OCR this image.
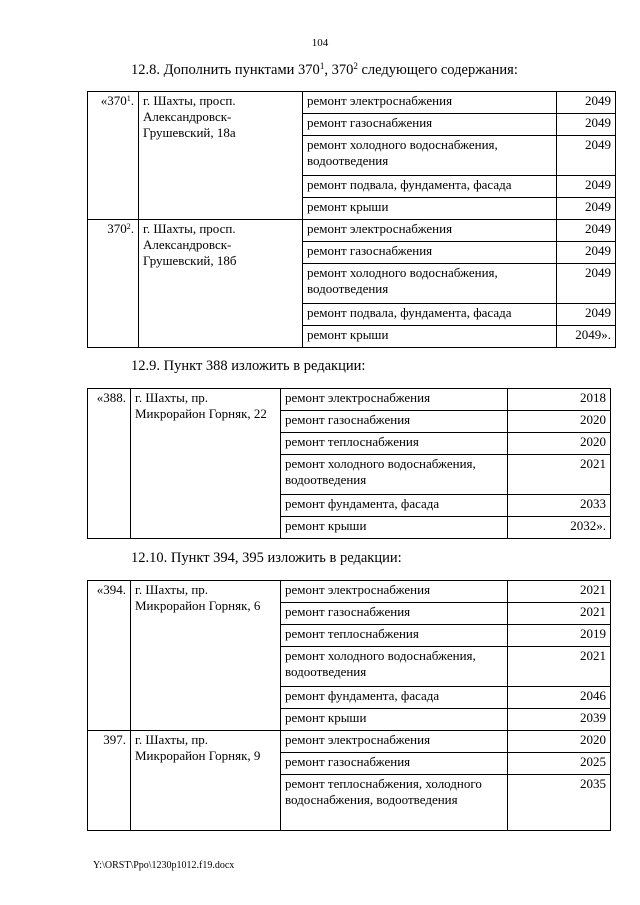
104
12.8. Дополнить пунктами $370^1$, $370^2$ следующего содержания:
«$370^1$.	г. Шахты, просп. Александровск-Грушевский, 18а	ремонт электроснабжения	2049
		ремонт газоснабжения	2049
		ремонт холодного водоснабжения, водоотведения	2049
		ремонт подвала, фундамента, фасада	2049
		ремонт крыши	2049
$370^2$.	г. Шахты, просп. Александровск-Грушевский, 18б	ремонт электроснабжения	2049
		ремонт газоснабжения	2049
		ремонт холодного водоснабжения, водоотведения	2049
		ремонт подвала, фундамента, фасада	2049
		ремонт крыши	2049».
12.9. Пункт 388 изложить в редакции:
«388.	г. Шахты, пр. Микрорайон Горняк, 22	ремонт электроснабжения	2018
		ремонт газоснабжения	2020
		ремонт теплоснабжения	2020
		ремонт холодного водоснабжения, водоотведения	2021
		ремонт фундамента, фасада	2033
		ремонт крыши	2032».
12.10. Пункт 394, 395 изложить в редакции:
«394.	г. Шахты, пр. Микрорайон Горняк, 6	ремонт электроснабжения	2021
		ремонт газоснабжения	2021
		ремонт теплоснабжения	2019
		ремонт холодного водоснабжения, водоотведения	2021
		ремонт фундамента, фасада	2046
		ремонт крыши	2039
397.	г. Шахты, пр. Микрорайон Горняк, 9	ремонт электроснабжения	2020
		ремонт газоснабжения	2025
		ремонт теплоснабжения, холодного водоснабжения, водоотведения	2035
Y:\ORST\Ppo\1230p1012.f19.docx
